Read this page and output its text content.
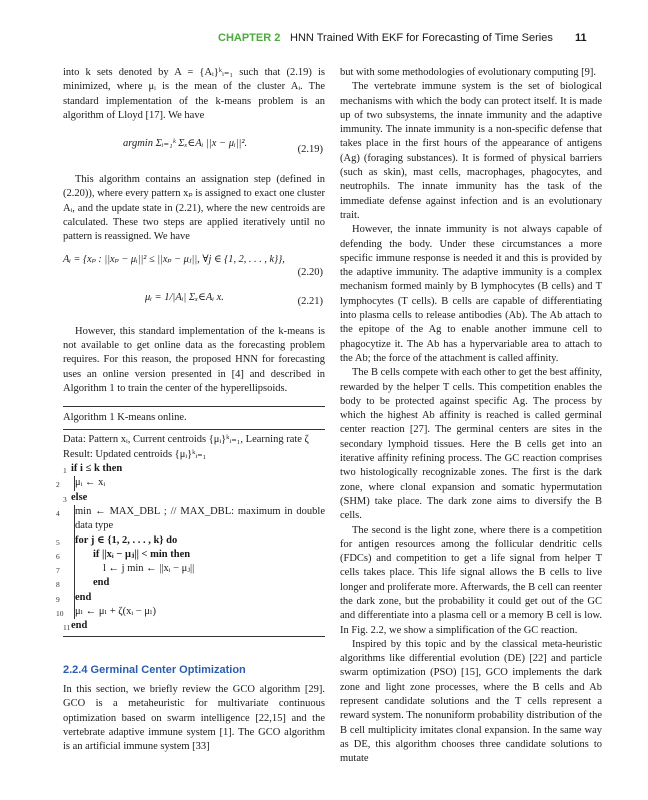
CHAPTER 2 HNN Trained With EKF for Forecasting of Time Series 11

into k sets denoted by A = {Aᵢ}ᵏᵢ₌₁ such that (2.19) is minimized, where μᵢ is the mean of the cluster Aᵢ. The standard implementation of the k-means problem is an algorithm of Lloyd [17]. We have

argmin Σᵢ₌₁ᵏ Σₓ∈Aᵢ ||x − μᵢ||².
(2.19)

This algorithm contains an assignation step (defined in (2.20)), where every pattern xₚ is assigned to exact one cluster Aᵢ, and the update state in (2.21), where the new centroids are calculated. These two steps are applied iteratively until no pattern is reassigned. We have

Aᵢ = {xₚ : ||xₚ − μᵢ||² ≤ ||xₚ − μⱼ||, ∀j ∈ {1, 2, . . . , k}},
(2.20)
μᵢ = 1/|Aᵢ| Σₓ∈Aᵢ x.	(2.21)

However, this standard implementation of the k-means is not available to get online data as the forecasting problem requires. For this reason, the proposed HNN for forecasting uses an online version presented in [4] and described in Algorithm 1 to train the center of the hyperellipsoids.

Algorithm 1 K-means online.
Data: Pattern xᵢ, Current centroids {μᵢ}ᵏᵢ₌₁, Learning rate ζ
Result: Updated centroids {μᵢ}ᵏᵢ₌₁
1 if i ≤ k then
2 μᵢ ← xᵢ
3 else
4 min ← MAX_DBL ; // MAX_DBL: maximum in double data type
5 for j ∈ {1, 2, . . . , k} do
6	if ||xᵢ − μⱼ|| < min then
7	l ← j min ← ||xᵢ − μⱼ||
8	end
9 end
10 μₗ ← μₗ + ζ(xᵢ − μₗ)
11 end
2.2.4 Germinal Center Optimization

In this section, we briefly review the GCO algorithm [29]. GCO is a metaheuristic for multivariate continuous optimization based on swarm intelligence [22,15] and the vertebrate adaptive immune system [1]. The GCO algorithm is an artificial immune system [33]

but with some methodologies of evolutionary computing [9].

The vertebrate immune system is the set of biological mechanisms with which the body can protect itself. It is made up of two subsystems, the innate immunity and the adaptive immunity. The innate immunity is a non-specific defense that takes place in the first hours of the appearance of antigens (Ag) (foraging substances). It is formed of physical barriers (such as skin), mast cells, macrophages, phagocytes, and neutrophils. The innate immunity has the task of the immediate defense against infection and is an evolutionary trait.

However, the innate immunity is not always capable of defending the body. Under these circumstances a more specific immune response is needed it and this is provided by the adaptive immunity. The adaptive immunity is a complex mechanism formed mainly by B lymphocytes (B cells) and T lymphocytes (T cells). B cells are capable of differentiating into plasma cells to release antibodies (Ab). The Ab attach to the epitope of the Ag to enable another immune cell to phagocytize it. The Ab has a hypervariable area to attach to the Ab; the force of the attachment is called affinity.

The B cells compete with each other to get the best affinity, rewarded by the helper T cells. This competition enables the body to be protected against specific Ag. The process by which the highest Ab affinity is reached is called germinal center reaction [27]. The germinal centers are sites in the secondary lymphoid tissues. Here the B cells get into an iterative affinity refining process. The GC reaction comprises two histologically recognizable zones. The first is the dark zone, where clonal expansion and somatic hypermutation (SHM) take place. The dark zone aims to diversify the B cells.

The second is the light zone, where there is a competition for antigen resources among the follicular dendritic cells (FDCs) and competition to get a life signal from helper T cells takes place. This life signal allows the B cells to live longer and proliferate more. Afterwards, the B cell can reenter the dark zone, but the probability it could get out of the GC and differentiate into a plasma cell or a memory B cell is low. In Fig. 2.2, we show a simplification of the GC reaction.

Inspired by this topic and by the classical meta-heuristic algorithms like differential evolution (DE) [22] and particle swarm optimization (PSO) [15], GCO implements the dark zone and light zone processes, where the B cells and Ab represent candidate solutions and the T cells represent a reward system. The nonuniform probability distribution of the B cell multiplicity imitates clonal expansion. In the same way as DE, this algorithm chooses three candidate solutions to mutate
